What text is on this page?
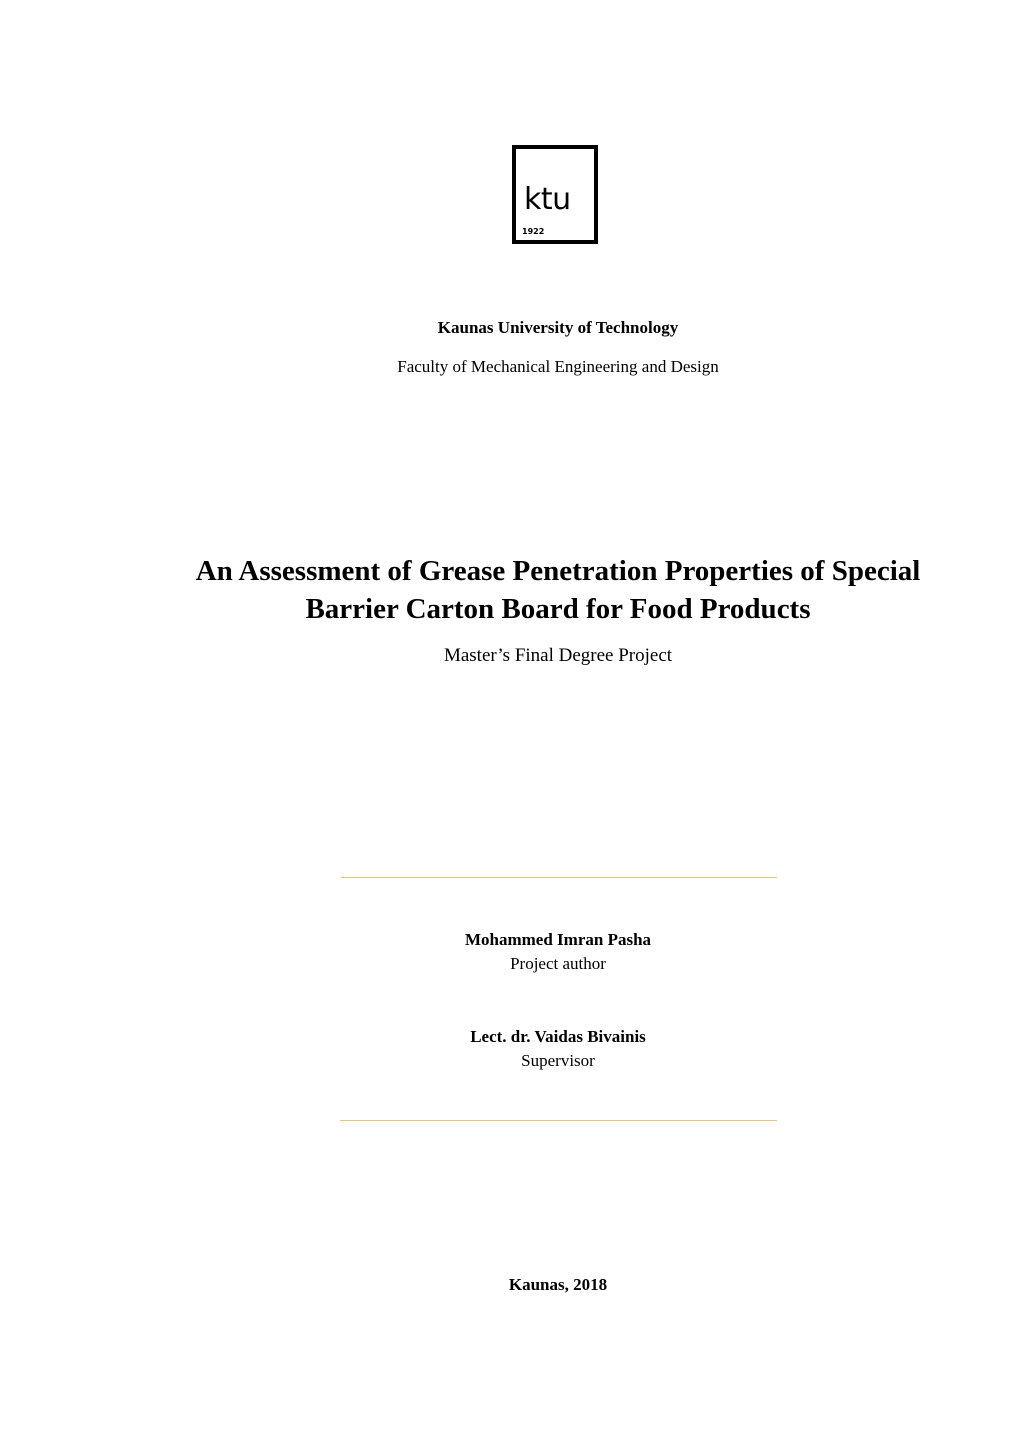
ktu
1922
Kaunas University of Technology
Faculty of Mechanical Engineering and Design
An Assessment of Grease Penetration Properties of Special
Barrier Carton Board for Food Products
Master’s Final Degree Project
Mohammed Imran Pasha
Project author
Lect. dr. Vaidas Bivainis
Supervisor
Kaunas, 2018
